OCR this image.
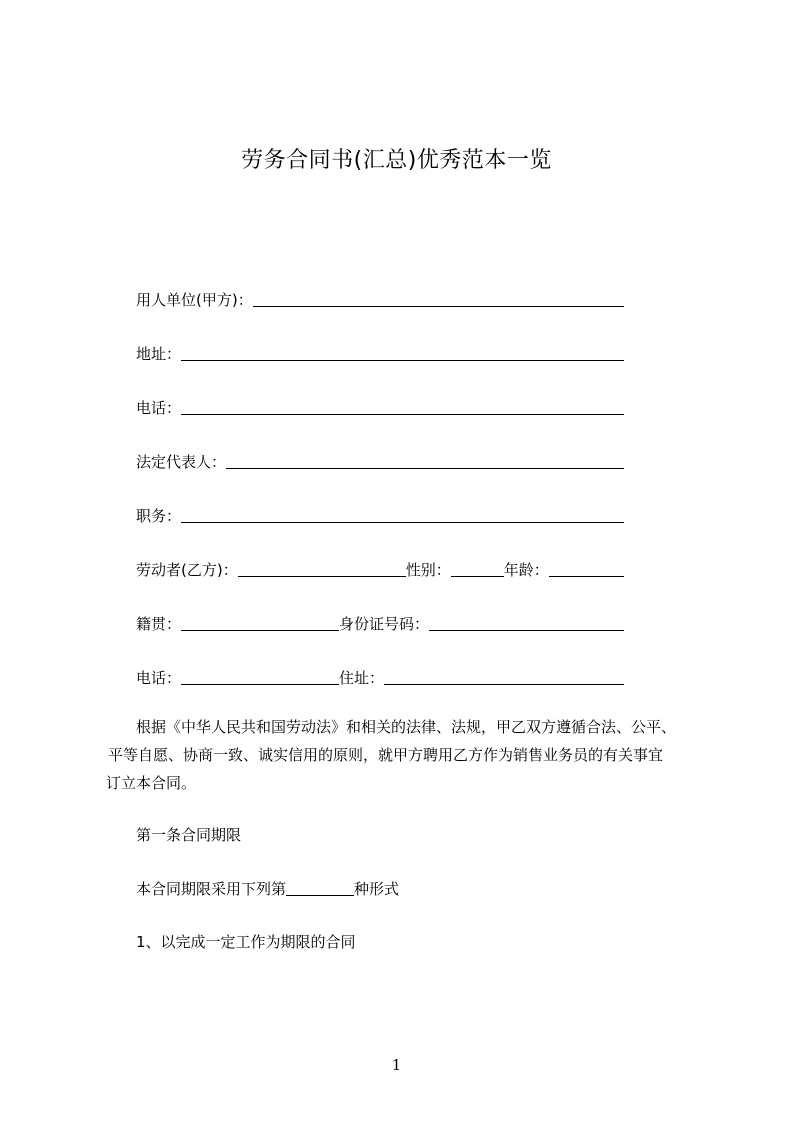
劳务合同书(汇总)优秀范本一览
用人单位(甲方)：
地址：
电话：
法定代表人：
职务：
劳动者(乙方)：	性别：	年龄：
籍贯：	身份证号码：
电话：	住址：
根据《中华人民共和国劳动法》和相关的法律、法规，甲乙双方遵循合法、公平、
平等自愿、协商一致、诚实信用的原则，就甲方聘用乙方作为销售业务员的有关事宜
订立本合同。
第一条合同期限
本合同期限采用下列第	种形式
1、以完成一定工作为期限的合同
1
